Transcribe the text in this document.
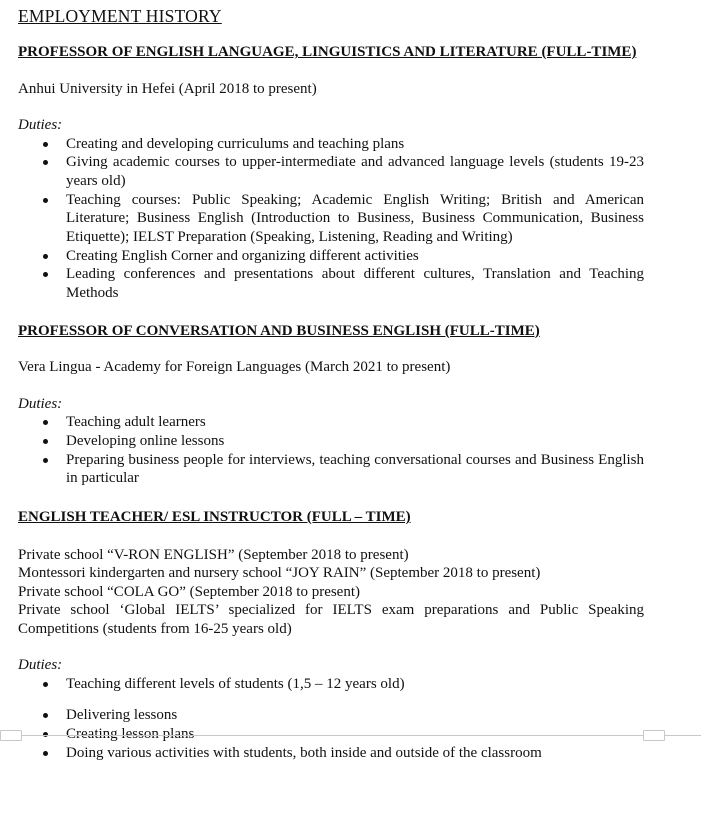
EMPLOYMENT HISTORY

PROFESSOR OF ENGLISH LANGUAGE, LINGUISTICS AND LITERATURE (FULL-TIME)

Anhui University in Hefei (April 2018 to present)

Duties:

Creating and developing curriculums and teaching plans
Giving academic courses to upper-intermediate and advanced language levels (students 19-23 years old)
Teaching courses: Public Speaking; Academic English Writing; British and American Literature; Business English (Introduction to Business, Business Communication, Business Etiquette); IELST Preparation (Speaking, Listening, Reading and Writing)
Creating English Corner and organizing different activities
Leading conferences and presentations about different cultures, Translation and Teaching Methods

PROFESSOR OF CONVERSATION AND BUSINESS ENGLISH (FULL-TIME)

Vera Lingua - Academy for Foreign Languages (March 2021 to present)

Duties:

Teaching adult learners
Developing online lessons
Preparing business people for interviews, teaching conversational courses and Business English in particular

ENGLISH TEACHER/ ESL INSTRUCTOR (FULL – TIME)

Private school “V-RON ENGLISH” (September 2018 to present)

Montessori kindergarten and nursery school “JOY RAIN” (September 2018 to present)

Private school “COLA GO” (September 2018 to present)

Private school ‘Global IELTS’ specialized for IELTS exam preparations and Public Speaking Competitions (students from 16-25 years old)

Duties:

Teaching different levels of students (1,5 – 12 years old)
Delivering lessons
Creating lesson plans
Doing various activities with students, both inside and outside of the classroom
